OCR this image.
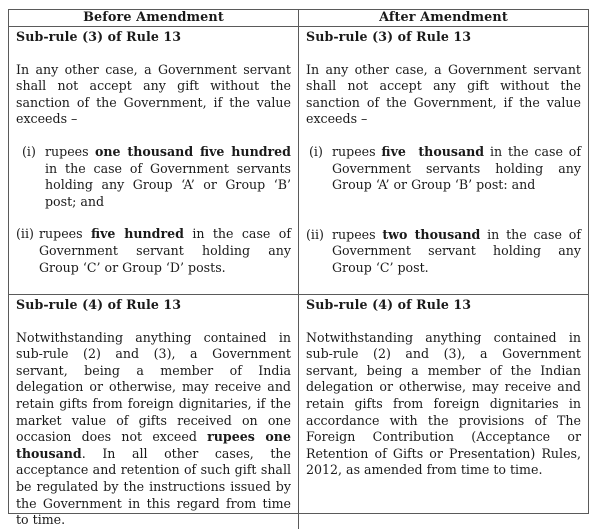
Before Amendment	After Amendment

Sub-rule (3) of Rule 13

In any other case, a Government servant shall not accept any gift without the sanction of the Government, if the value exceeds –

(i) rupees one thousand five hundred in the case of Government servants holding any Group ‘A’ or Group ‘B’ post; and
(ii) rupees five hundred in the case of Government servant holding any Group ‘C’ or Group ‘D’ posts.

Sub-rule (3) of Rule 13

In any other case, a Government servant shall not accept any gift without the sanction of the Government, if the value exceeds –

(i) rupees five  thousand in the case of Government servants holding any Group ‘A’ or Group ‘B’ post: and
(ii) rupees two thousand in the case of Government servant holding any Group ‘C’ post.

Sub-rule (4) of Rule 13

Notwithstanding anything contained in sub-rule (2) and (3), a Government servant, being a member of India delegation or otherwise, may receive and retain gifts from foreign dignitaries, if the market value of gifts received on one occasion does not exceed rupees one thousand. In all other cases, the acceptance and retention of such gift shall be regulated by the instructions issued by the Government in this regard from time to time.

Sub-rule (4) of Rule 13

Notwithstanding anything contained in sub-rule (2) and (3), a Government servant, being a member of the Indian delegation or otherwise, may receive and retain gifts from foreign dignitaries in accordance with the provisions of The Foreign Contribution (Acceptance or Retention of Gifts or Presentation) Rules, 2012, as amended from time to time.
